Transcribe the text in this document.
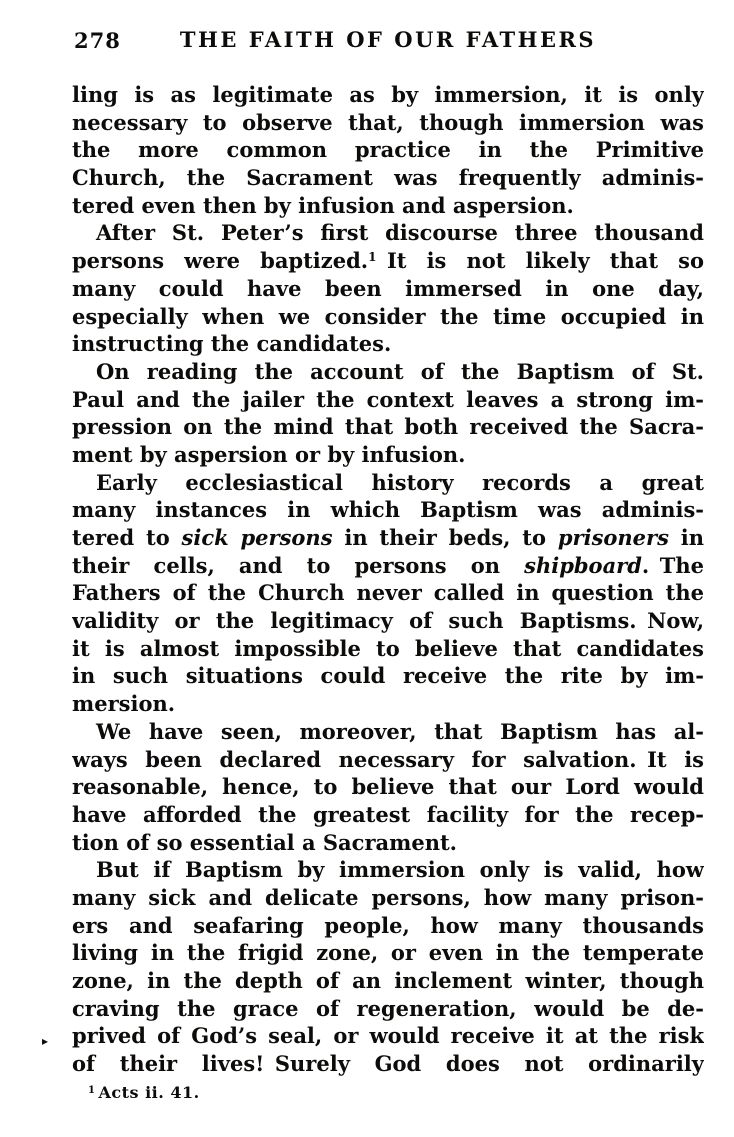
278	THE FAITH OF OUR FATHERS
ling is as legitimate as by immersion, it is only
necessary to observe that, though immersion was
the more common practice in the Primitive
Church, the Sacrament was frequently adminis-
tered even then by infusion and aspersion.
After St. Peter’s first discourse three thousand
persons were baptized.$^1$ It is not likely that so
many could have been immersed in one day,
especially when we consider the time occupied in
instructing the candidates.
On reading the account of the Baptism of St.
Paul and the jailer the context leaves a strong im-
pression on the mind that both received the Sacra-
ment by aspersion or by infusion.
Early ecclesiastical history records a great
many instances in which Baptism was adminis-
tered to sick persons in their beds, to prisoners in
their cells, and to persons on shipboard. The
Fathers of the Church never called in question the
validity or the legitimacy of such Baptisms. Now,
it is almost impossible to believe that candidates
in such situations could receive the rite by im-
mersion.
We have seen, moreover, that Baptism has al-
ways been declared necessary for salvation. It is
reasonable, hence, to believe that our Lord would
have afforded the greatest facility for the recep-
tion of so essential a Sacrament.
But if Baptism by immersion only is valid, how
many sick and delicate persons, how many prison-
ers and seafaring people, how many thousands
living in the frigid zone, or even in the temperate
zone, in the depth of an inclement winter, though
craving the grace of regeneration, would be de-
prived of God’s seal, or would receive it at the risk
of their lives! Surely God does not ordinarily
▸
$^1$ Acts ii. 41.
